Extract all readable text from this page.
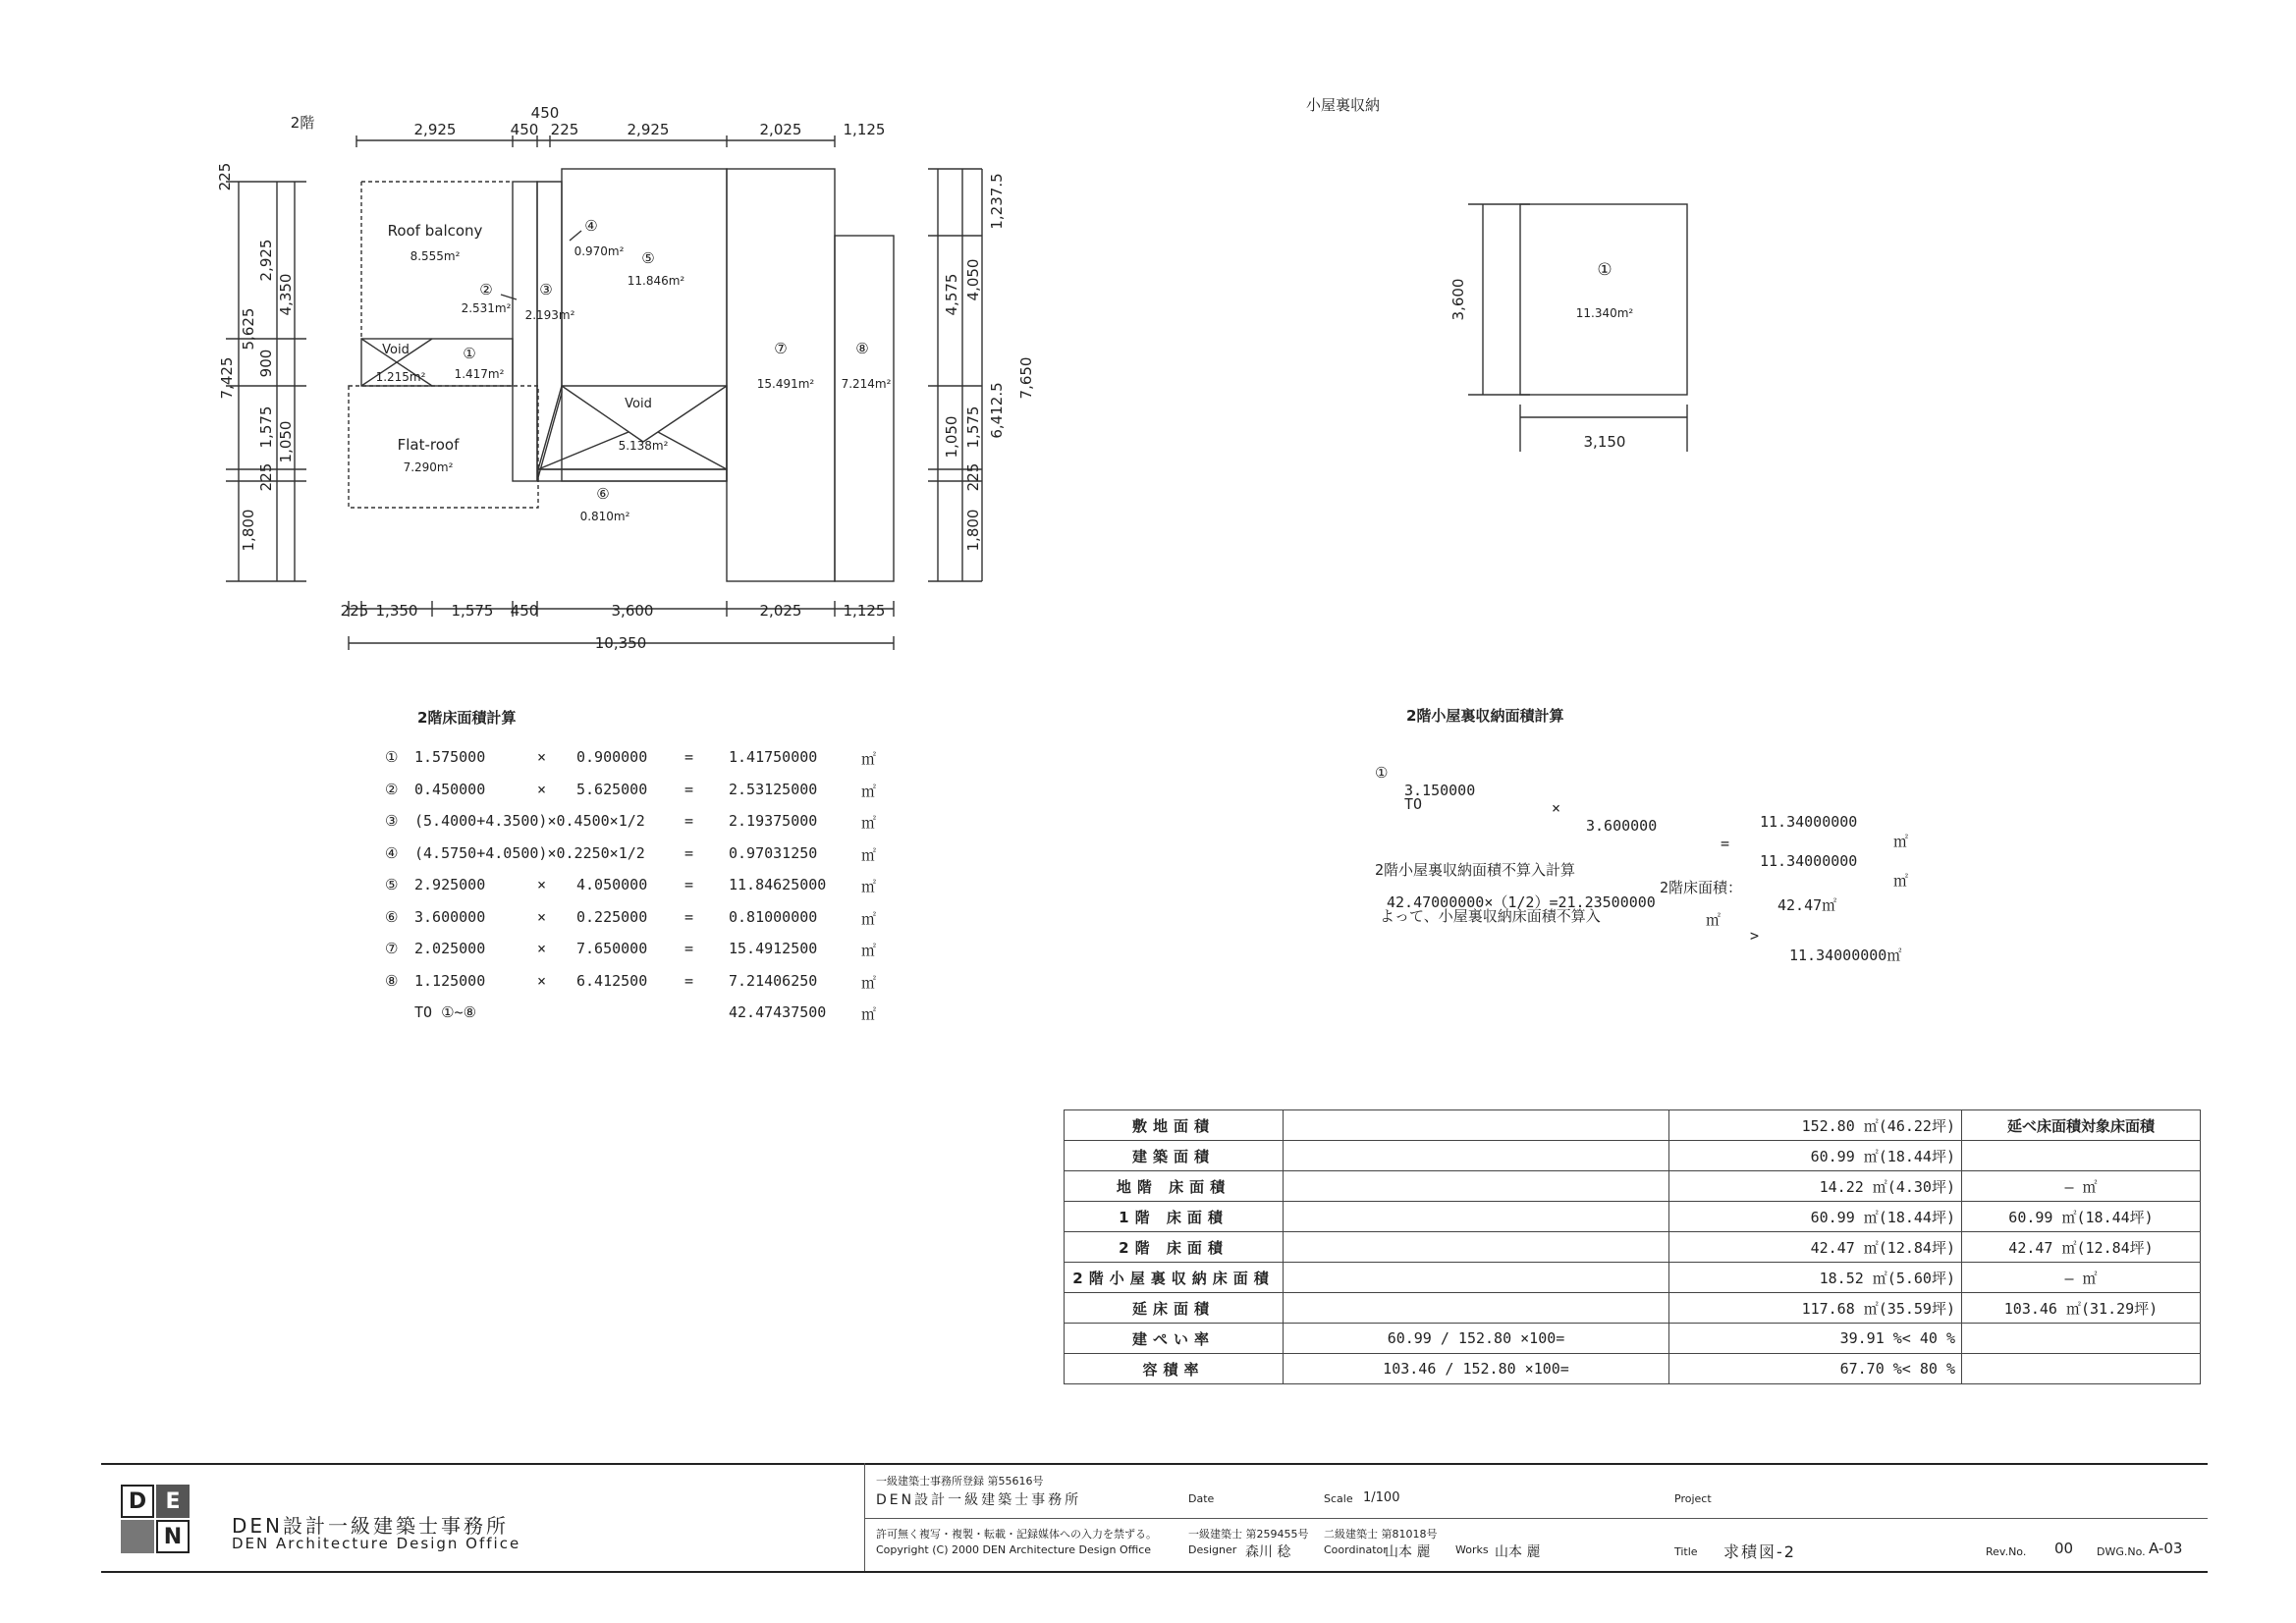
2,925
450
450 225	2,925	2,025	1,125
225 1,350 1,575 450	3,600	2,025	1,125
10,350
225
2,925
4,350
5,625
900
7,425
1,575 1,050
225
1,800
1,237.5
4,575 4,050
7,650
6,412.5
1,050 1,575
225
1,800
2階
Roof balcony
8.555m²
Void
1.215m²
Flat-roof
7.290m²
Void
5.138m²
①
1.417m²
②
2.531m²
③
2.193m²
④
0.970m² ⑤
11.846m²
⑥
0.810m²
⑦
15.491m²
⑧
7.214m²
小屋裏収納
①
11.340m²
3,600
3,150
2階床面積計算
① 1.575000	× 0.900000	= 1.41750000	㎡
② 0.450000	× 5.625000	= 2.53125000	㎡
③ (5.4000+4.3500)×0.4500×1/2	= 2.19375000	㎡
④ (4.5750+4.0500)×0.2250×1/2	= 0.97031250	㎡
⑤ 2.925000	× 4.050000	= 11.84625000 ㎡
⑥ 3.600000	× 0.225000	= 0.81000000	㎡
⑦ 2.025000	× 7.650000	= 15.4912500	㎡
⑧ 1.125000	× 6.412500	= 7.21406250	㎡
TO ①~⑧	42.47437500 ㎡
2階小屋裏収納面積計算

①

3.150000

×

3.600000

=

11.34000000

㎡

TO

11.34000000

㎡

2階小屋裏収納面積不算入計算

2階床面積：

42.47㎡

42.47000000×（1/2）=21.23500000

㎡

>

11.34000000㎡

よって、小屋裏収納床面積不算入
敷地面積		152.80 ㎡(46.22坪)	延べ床面積対象床面積
建築面積		60.99 ㎡(18.44坪)	
地階 床面積		14.22 ㎡(4.30坪)	— ㎡
1階 床面積		60.99 ㎡(18.44坪)	60.99 ㎡(18.44坪)
2階 床面積		42.47 ㎡(12.84坪)	42.47 ㎡(12.84坪)
2階小屋裏収納床面積		18.52 ㎡(5.60坪)	— ㎡
延床面積		117.68 ㎡(35.59坪)	103.46 ㎡(31.29坪)
建ぺい率	60.99 / 152.80 ×100=	39.91 %< 40 %	
容積率	103.46 / 152.80 ×100=	67.70 %< 80 %	
D E
N	DEN設計一級建築士事務所
DEN Architecture Design Office
一級建築士事務所登録 第55616号
DEN設計一級建築士事務所
許可無く複写・複製・転載・記録媒体への入力を禁ずる。
Copyright (C) 2000 DEN Architecture Design Office
Date	Scale 1/100	Project
一級建築士 第259455号
Designer 森川 稔
二級建築士 第81018号
Coordinator
山本 麗 Works 山本 麗	Title 求積図-2	Rev.No. 00 DWG.No. A-03
